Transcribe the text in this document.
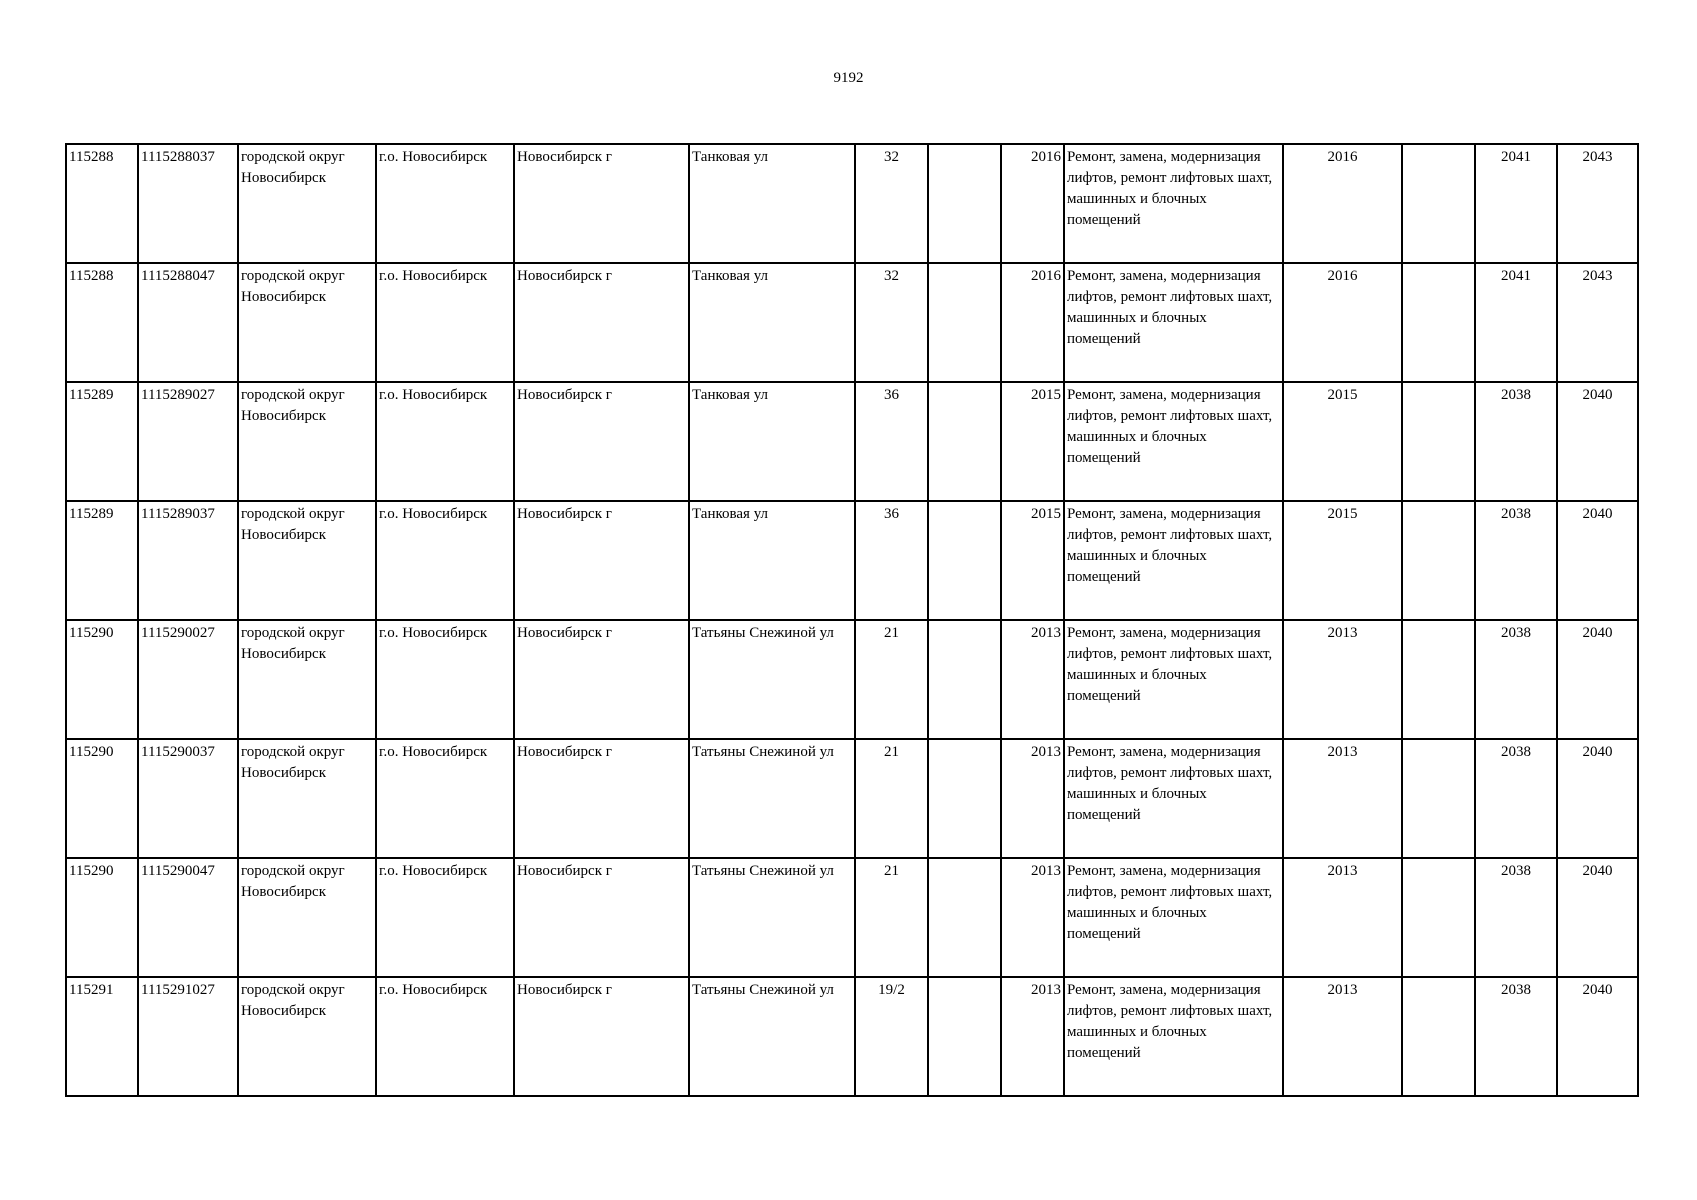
9192
115288	1115288037	городской округ Новосибирск	г.о. Новосибирск	Новосибирск г	Танковая ул	32		2016	Ремонт, замена, модернизация лифтов, ремонт лифтовых шахт, машинных и блочных помещений	2016		2041	2043
115288	1115288047	городской округ Новосибирск	г.о. Новосибирск	Новосибирск г	Танковая ул	32		2016	Ремонт, замена, модернизация лифтов, ремонт лифтовых шахт, машинных и блочных помещений	2016		2041	2043
115289	1115289027	городской округ Новосибирск	г.о. Новосибирск	Новосибирск г	Танковая ул	36		2015	Ремонт, замена, модернизация лифтов, ремонт лифтовых шахт, машинных и блочных помещений	2015		2038	2040
115289	1115289037	городской округ Новосибирск	г.о. Новосибирск	Новосибирск г	Танковая ул	36		2015	Ремонт, замена, модернизация лифтов, ремонт лифтовых шахт, машинных и блочных помещений	2015		2038	2040
115290	1115290027	городской округ Новосибирск	г.о. Новосибирск	Новосибирск г	Татьяны Снежиной ул	21		2013	Ремонт, замена, модернизация лифтов, ремонт лифтовых шахт, машинных и блочных помещений	2013		2038	2040
115290	1115290037	городской округ Новосибирск	г.о. Новосибирск	Новосибирск г	Татьяны Снежиной ул	21		2013	Ремонт, замена, модернизация лифтов, ремонт лифтовых шахт, машинных и блочных помещений	2013		2038	2040
115290	1115290047	городской округ Новосибирск	г.о. Новосибирск	Новосибирск г	Татьяны Снежиной ул	21		2013	Ремонт, замена, модернизация лифтов, ремонт лифтовых шахт, машинных и блочных помещений	2013		2038	2040
115291	1115291027	городской округ Новосибирск	г.о. Новосибирск	Новосибирск г	Татьяны Снежиной ул	19/2		2013	Ремонт, замена, модернизация лифтов, ремонт лифтовых шахт, машинных и блочных помещений	2013		2038	2040
